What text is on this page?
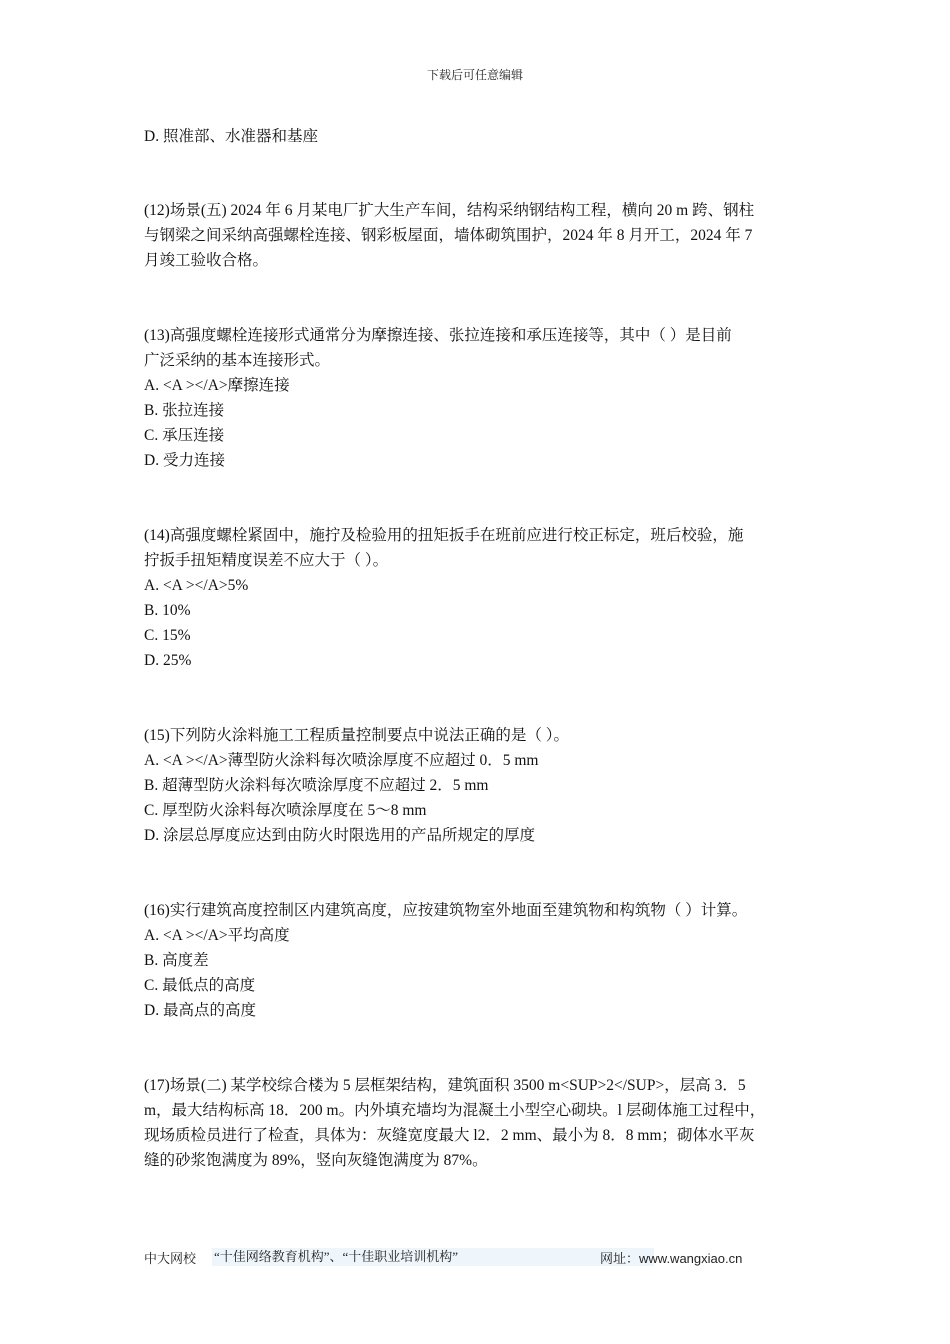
下载后可任意编辑
D. 照准部、水准器和基座
(12)场景(五) 2024 年 6 月某电厂扩大生产车间，结构采纳钢结构工程，横向 20 m 跨、钢柱
与钢梁之间采纳高强螺栓连接、钢彩板屋面，墙体砌筑围护，2024 年 8 月开工，2024 年 7
月竣工验收合格。
(13)高强度螺栓连接形式通常分为摩擦连接、张拉连接和承压连接等，其中（ ）是目前
广泛采纳的基本连接形式。
A. <A ></A>摩擦连接
B. 张拉连接
C. 承压连接
D. 受力连接
(14)高强度螺栓紧固中，施拧及检验用的扭矩扳手在班前应进行校正标定，班后校验，施
拧扳手扭矩精度误差不应大于（ ）。
A. <A ></A>5%
B. 10%
C. 15%
D. 25%
(15)下列防火涂料施工工程质量控制要点中说法正确的是（ ）。
A. <A ></A>薄型防火涂料每次喷涂厚度不应超过 0．5 mm
B. 超薄型防火涂料每次喷涂厚度不应超过 2．5 mm
C. 厚型防火涂料每次喷涂厚度在 5～8 mm
D. 涂层总厚度应达到由防火时限选用的产品所规定的厚度
(16)实行建筑高度控制区内建筑高度，应按建筑物室外地面至建筑物和构筑物（ ）计算。
A. <A ></A>平均高度
B. 高度差
C. 最低点的高度
D. 最高点的高度
(17)场景(二) 某学校综合楼为 5 层框架结构，建筑面积 3500 m<SUP>2</SUP>，层高 3．5
m，最大结构标高 18．200 m。内外填充墙均为混凝土小型空心砌块。l 层砌体施工过程中，
现场质检员进行了检查，具体为：灰缝宽度最大 l2．2 mm、最小为 8．8 mm；砌体水平灰
缝的砂浆饱满度为 89%，竖向灰缝饱满度为 87%。
中大网校 “十佳网络教育机构”、“十佳职业培训机构”	网址：www.wangxiao.cn
